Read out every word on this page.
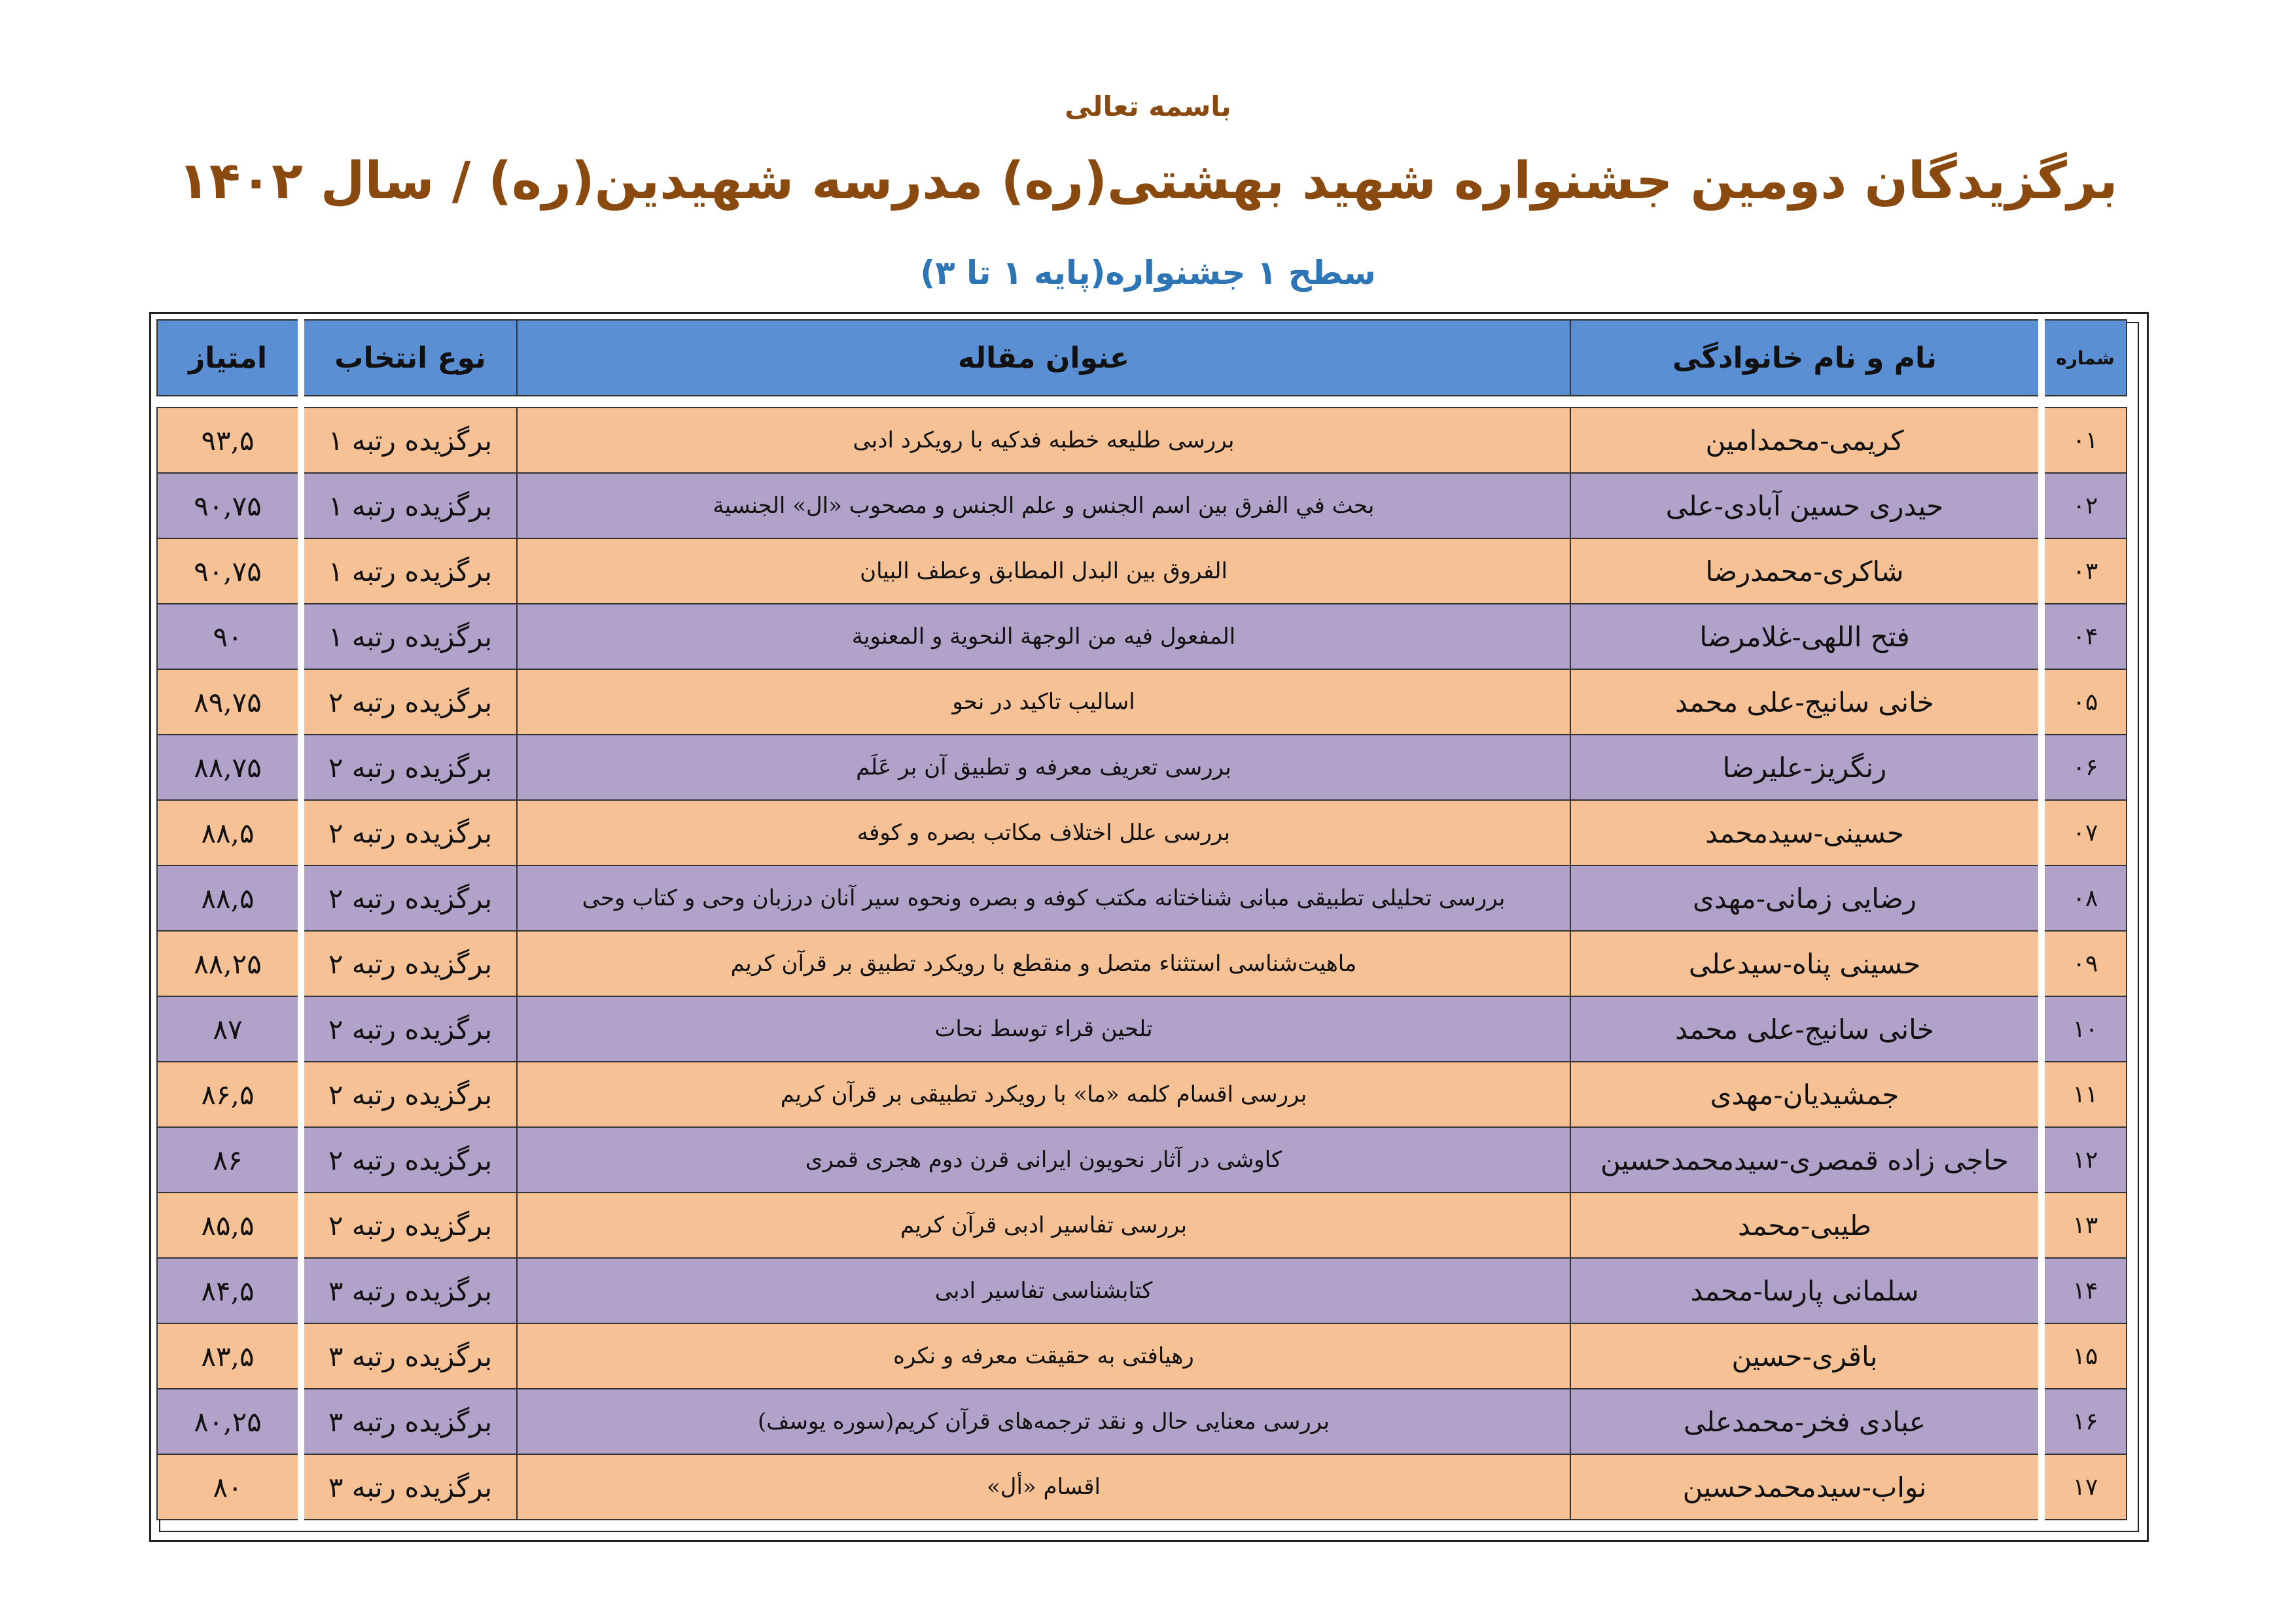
باسمه تعالی
برگزیدگان دومین جشنواره شهید بهشتی(ره) مدرسه شهیدین(ره) / سال ۱۴۰۲
سطح ۱ جشنواره(پایه ۱ تا ۳)
شماره	نام و نام خانوادگی	عنوان مقاله	نوع انتخاب	امتیاز

۰۱	کریمی-محمدامین	بررسی طلیعه خطبه فدکیه با رویکرد ادبی	برگزیده رتبه ۱	۹۳,۵
۰۲	حیدری حسین آبادی-علی	بحث في الفرق بين اسم الجنس و علم الجنس و مصحوب «ال» الجنسية	برگزیده رتبه ۱	۹۰,۷۵
۰۳	شاکری-محمدرضا	الفروق بين البدل المطابق وعطف البيان	برگزیده رتبه ۱	۹۰,۷۵
۰۴	فتح اللهی-غلامرضا	المفعول فيه من الوجهة النحوية و المعنوية	برگزیده رتبه ۱	۹۰
۰۵	خانی سانیج-علی محمد	اسالیب تاکید در نحو	برگزیده رتبه ۲	۸۹,۷۵
۰۶	رنگریز-علیرضا	بررسی تعریف معرفه و تطبیق آن بر عَلَم	برگزیده رتبه ۲	۸۸,۷۵
۰۷	حسینی-سیدمحمد	بررسی علل اختلاف مکاتب بصره و کوفه	برگزیده رتبه ۲	۸۸,۵
۰۸	رضایی زمانی-مهدی	بررسی تحلیلی تطبیقی مبانی شناختانه مکتب کوفه و بصره ونحوه سیر آنان درزبان وحی و کتاب وحی	برگزیده رتبه ۲	۸۸,۵
۰۹	حسینی پناه-سیدعلی	ماهیت‌شناسی استثناء متصل و منقطع با رویکرد تطبیق بر قرآن کریم	برگزیده رتبه ۲	۸۸,۲۵
۱۰	خانی سانیج-علی محمد	تلحین قراء توسط نحات	برگزیده رتبه ۲	۸۷
۱۱	جمشیدیان-مهدی	بررسی اقسام کلمه «ما» با رویکرد تطبیقی بر قرآن کریم	برگزیده رتبه ۲	۸۶,۵
۱۲	حاجی زاده قمصری-سیدمحمدحسین	کاوشی در آثار نحویون ایرانی قرن دوم هجری قمری	برگزیده رتبه ۲	۸۶
۱۳	طیبی-محمد	بررسی تفاسیر ادبی قرآن کریم	برگزیده رتبه ۲	۸۵,۵
۱۴	سلمانی پارسا-محمد	کتابشناسی تفاسیر ادبی	برگزیده رتبه ۳	۸۴,۵
۱۵	باقری-حسین	رهیافتی به حقیقت معرفه و نکره	برگزیده رتبه ۳	۸۳,۵
۱۶	عبادی فخر-محمدعلی	بررسی معنایی حال و نقد ترجمه‌های قرآن کریم(سوره یوسف)	برگزیده رتبه ۳	۸۰,۲۵
۱۷	نواب-سیدمحمدحسین	اقسام «أل»	برگزیده رتبه ۳	۸۰
